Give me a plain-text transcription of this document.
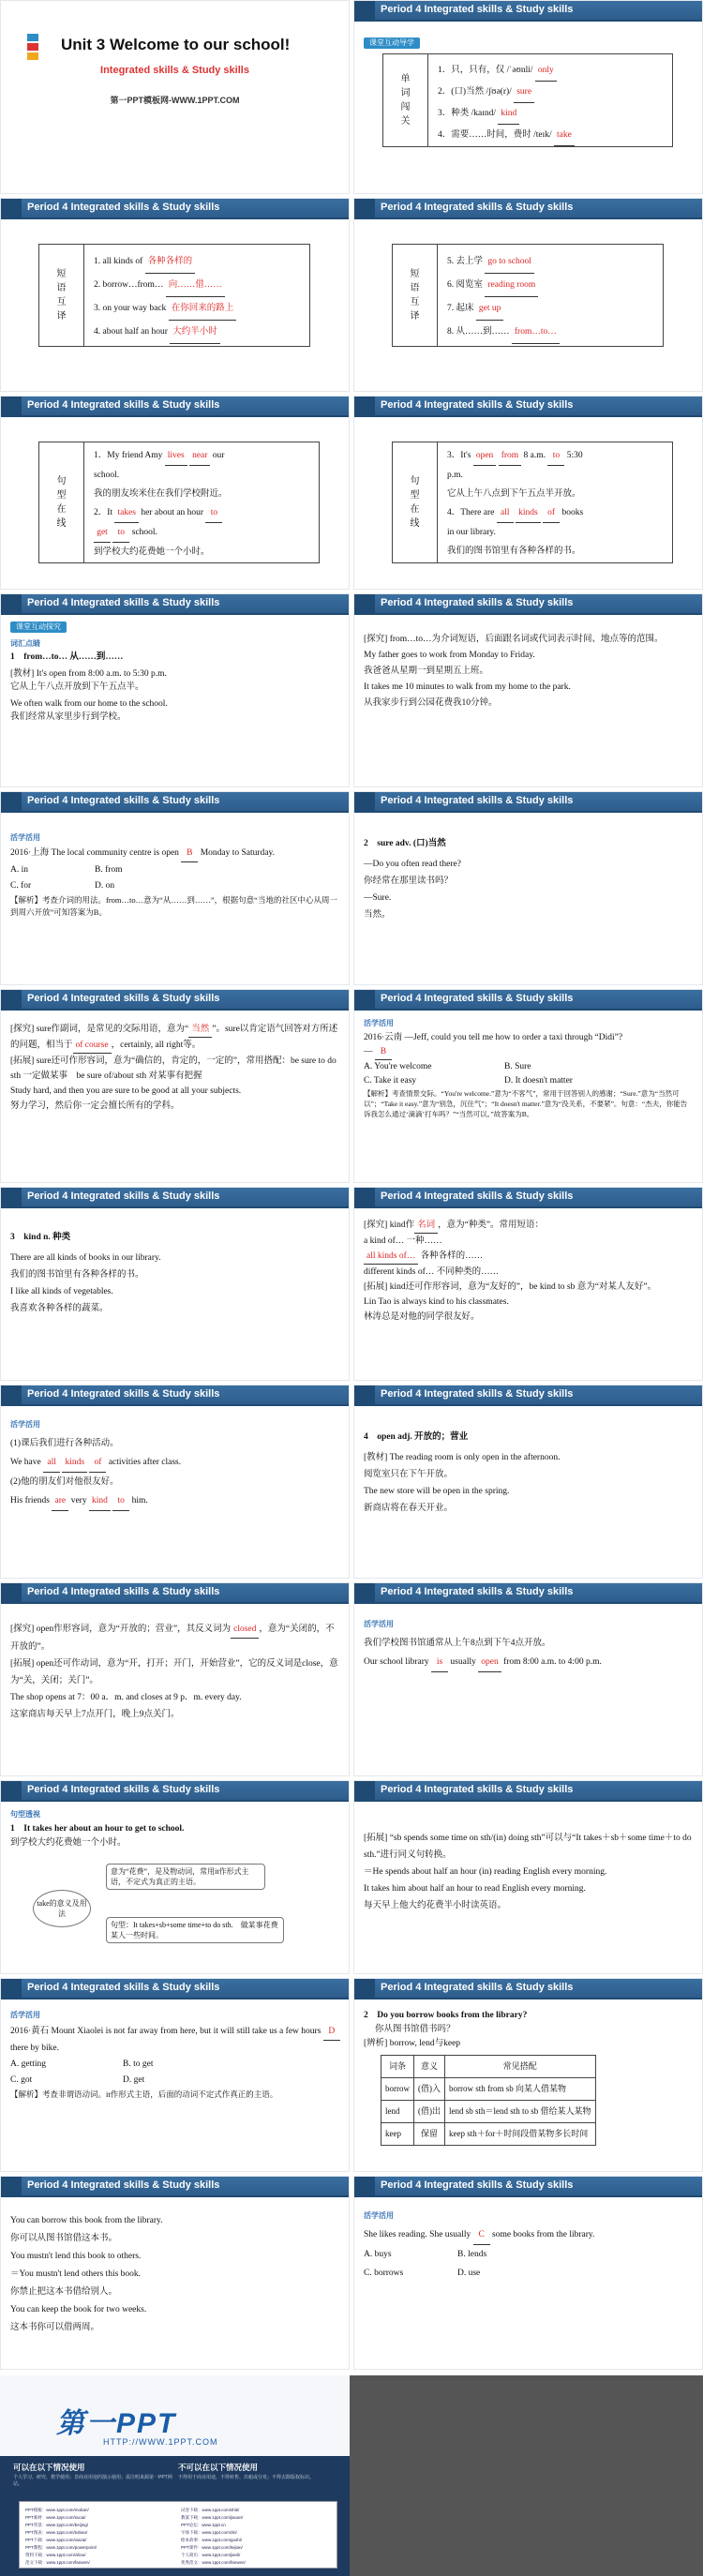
Unit 3 Welcome to our school!
Integrated skills & Study skills
第一PPT模板网-WWW.1PPT.COM
Period 4 Integrated skills & Study skills
课堂互动导学
单词闯关

1．只，只有，仅 /ˈəʊnli/ only

2．(口)当然 /ʃʊə(r)/ sure

3．种类 /kaɪnd/ kind

4．需要……时间，费时 /teɪk/ take

Period 4 Integrated skills & Study skills
短语互译

1. all kinds of 各种各样的

2. borrow…from… 向……借……

3. on your way back 在你回来的路上

4. about half an hour 大约半小时

Period 4 Integrated skills & Study skills
短语互译

5. 去上学 go to school

6. 阅览室 reading room

7. 起床 get up

8. 从……到…… from…to…

Period 4 Integrated skills & Study skills
句型在线

1．My friend Amy lives near our

school.

我的朋友埃米住在我们学校附近。

2．It takes her about an hour to

get to school.

到学校大约花费她一个小时。

Period 4 Integrated skills & Study skills
句型在线

3．It's open from 8 a.m. to 5:30

p.m.

它从上午八点到下午五点半开放。

4．There are all kinds of books

in our library.

我们的图书馆里有各种各样的书。

Period 4 Integrated skills & Study skills

课堂互动探究

词汇点睛

1　from…to… 从……到……

[教材] It's open from 8:00 a.m. to 5:30 p.m.

它从上午八点开放到下午五点半。

We often walk from our home to the school.

我们经常从家里步行到学校。

Period 4 Integrated skills & Study skills

[探究] from…to…为介词短语，后面跟名词或代词表示时间、地点等的范围。

My father goes to work from Monday to Friday.

我爸爸从星期一到星期五上班。

It takes me 10 minutes to walk from my home to the park.

从我家步行到公园花费我10分钟。

Period 4 Integrated skills & Study skills

活学活用

2016·上海 The local community centre is open B Monday to Saturday.

A. in	B. from

C. for	D. on

【解析】考查介词的用法。from…to…意为“从……到……”，根据句意“当地的社区中心从周一到周六开放”可知答案为B。

Period 4 Integrated skills & Study skills

2　sure adv. (口)当然

—Do you often read there?

你经常在那里读书吗？

—Sure.

当然。

Period 4 Integrated skills & Study skills

[探究] sure作副词，是常见的交际用语，意为“ 当然 ”。sure以肯定语气回答对方所述的问题，相当于 of course ，certainly, all right等。

[拓展] sure还可作形容词，意为“确信的，肯定的，一定的”，常用搭配：be sure to do sth 一定做某事　be sure of/about sth 对某事有把握

Study hard, and then you are sure to be good at all your subjects.

努力学习，然后你一定会擅长所有的学科。

Period 4 Integrated skills & Study skills

活学活用

2016·云南 —Jeff, could you tell me how to order a taxi through “Didi”?

— B

A. You're welcome	B. Sure

C. Take it easy	D. It doesn't matter

【解析】考查情景交际。“You're welcome.”意为“不客气”，常用于回答别人的感谢；“Sure.”意为“当然可以”；“Take it easy.”意为“别急，沉住气”；“It doesn't matter.”意为“没关系，不要紧”。句意：“杰夫，你能告诉我怎么通过‘滴滴’打车吗？”“当然可以。”故答案为B。

Period 4 Integrated skills & Study skills

3　kind n. 种类

There are all kinds of books in our library.

我们的图书馆里有各种各样的书。

I like all kinds of vegetables.

我喜欢各种各样的蔬菜。

Period 4 Integrated skills & Study skills

[探究] kind作 名词 ，意为“种类”。常用短语：

a kind of… 一种……

all kinds of… 各种各样的……

different kinds of… 不同种类的……

[拓展] kind还可作形容词，意为“友好的”，be kind to sb 意为“对某人友好”。

Lin Tao is always kind to his classmates.

林涛总是对他的同学很友好。

Period 4 Integrated skills & Study skills

活学活用

(1)课后我们进行各种活动。

We have all kinds of activities after class.

(2)他的朋友们对他很友好。

His friends are very kind to him.

Period 4 Integrated skills & Study skills

4　open adj. 开放的；营业

[教材] The reading room is only open in the afternoon.

阅览室只在下午开放。

The new store will be open in the spring.

新商店将在春天开业。

Period 4 Integrated skills & Study skills

[探究] open作形容词，意为“开放的；营业”，其反义词为 closed ，意为“关闭的，不开放的”。

[拓展] open还可作动词，意为“开，打开；开门，开始营业”，它的反义词是close，意为“关，关闭；关门”。

The shop opens at 7：00 a．m. and closes at 9 p．m. every day.

这家商店每天早上7点开门，晚上9点关门。

Period 4 Integrated skills & Study skills

活学活用

我们学校图书馆通常从上午8点到下午4点开放。

Our school library is usually open from 8:00 a.m. to 4:00 p.m.

Period 4 Integrated skills & Study skills

句型透视

1　It takes her about an hour to get to school.

到学校大约花费她一个小时。

take的意义及用法
意为“花费”，是及物动词，常用it作形式主语，不定式为真正的主语。
句型：It takes+sb+some time+to do sth.　做某事花费某人一些时间。
Period 4 Integrated skills & Study skills

[拓展] “sb spends some time on sth/(in) doing sth”可以与“It takes＋sb＋some time＋to do sth.”进行同义句转换。

＝He spends about half an hour (in) reading English every morning.

It takes him about half an hour to read English every morning.

每天早上他大约花费半小时读英语。

Period 4 Integrated skills & Study skills

活学活用

2016·黄石 Mount Xiaolei is not far away from here, but it will still take us a few hours D there by bike.

A. getting	B. to get

C. got	D. get

【解析】考查非谓语动词。it作形式主语，后面的动词不定式作真正的主语。

Period 4 Integrated skills & Study skills

2　Do you borrow books from the library?

你从图书馆借书吗？

[辨析] borrow, lend与keep

词条	意义	常见搭配
borrow	(借)入	borrow sth from sb 向某人借某物
lend	(借)出	lend sb sth＝lend sth to sb 借给某人某物
keep	保留	keep sth＋for＋时间段借某物多长时间
Period 4 Integrated skills & Study skills

You can borrow this book from the library.

你可以从图书馆借这本书。

You mustn't lend this book to others.

＝You mustn't lend others this book.

你禁止把这本书借给别人。

You can keep the book for two weeks.

这本书你可以借两周。

Period 4 Integrated skills & Study skills

活学活用

She likes reading. She usually C some books from the library.

A. buys	B. lends

C. borrows	D. use

第一PPT
HTTP://WWW.1PPT.COM
可以在以下情况使用	不可以在以下情况使用
个人学习、研究、教学使用；非商业用途的演示使用；需注明来源第一PPT网站。
不得用于商业用途，不得转售、出租或分发；不得去除版权标识。
PPT模板：www.1ppt.com/moban/
PPT素材：www.1ppt.com/sucai/
PPT背景：www.1ppt.com/beijing/
PPT图表：www.1ppt.com/tubiao/
PPT下载：www.1ppt.com/xiazai/
PPT教程：www.1ppt.com/powerpoint/
资料下载：www.1ppt.com/ziliao/
范文下载：www.1ppt.com/fanwen/
试卷下载：www.1ppt.com/shiti/
教案下载：www.1ppt.com/jiaoan/
PPT论坛：www.1ppt.cn
字体下载：www.1ppt.com/ziti/
绘本故事：www.1ppt.com/gushi/
PPT课件：www.1ppt.com/kejian/
个人简历：www.1ppt.com/jianli/
优秀范文：www.1ppt.com/fanwen/
